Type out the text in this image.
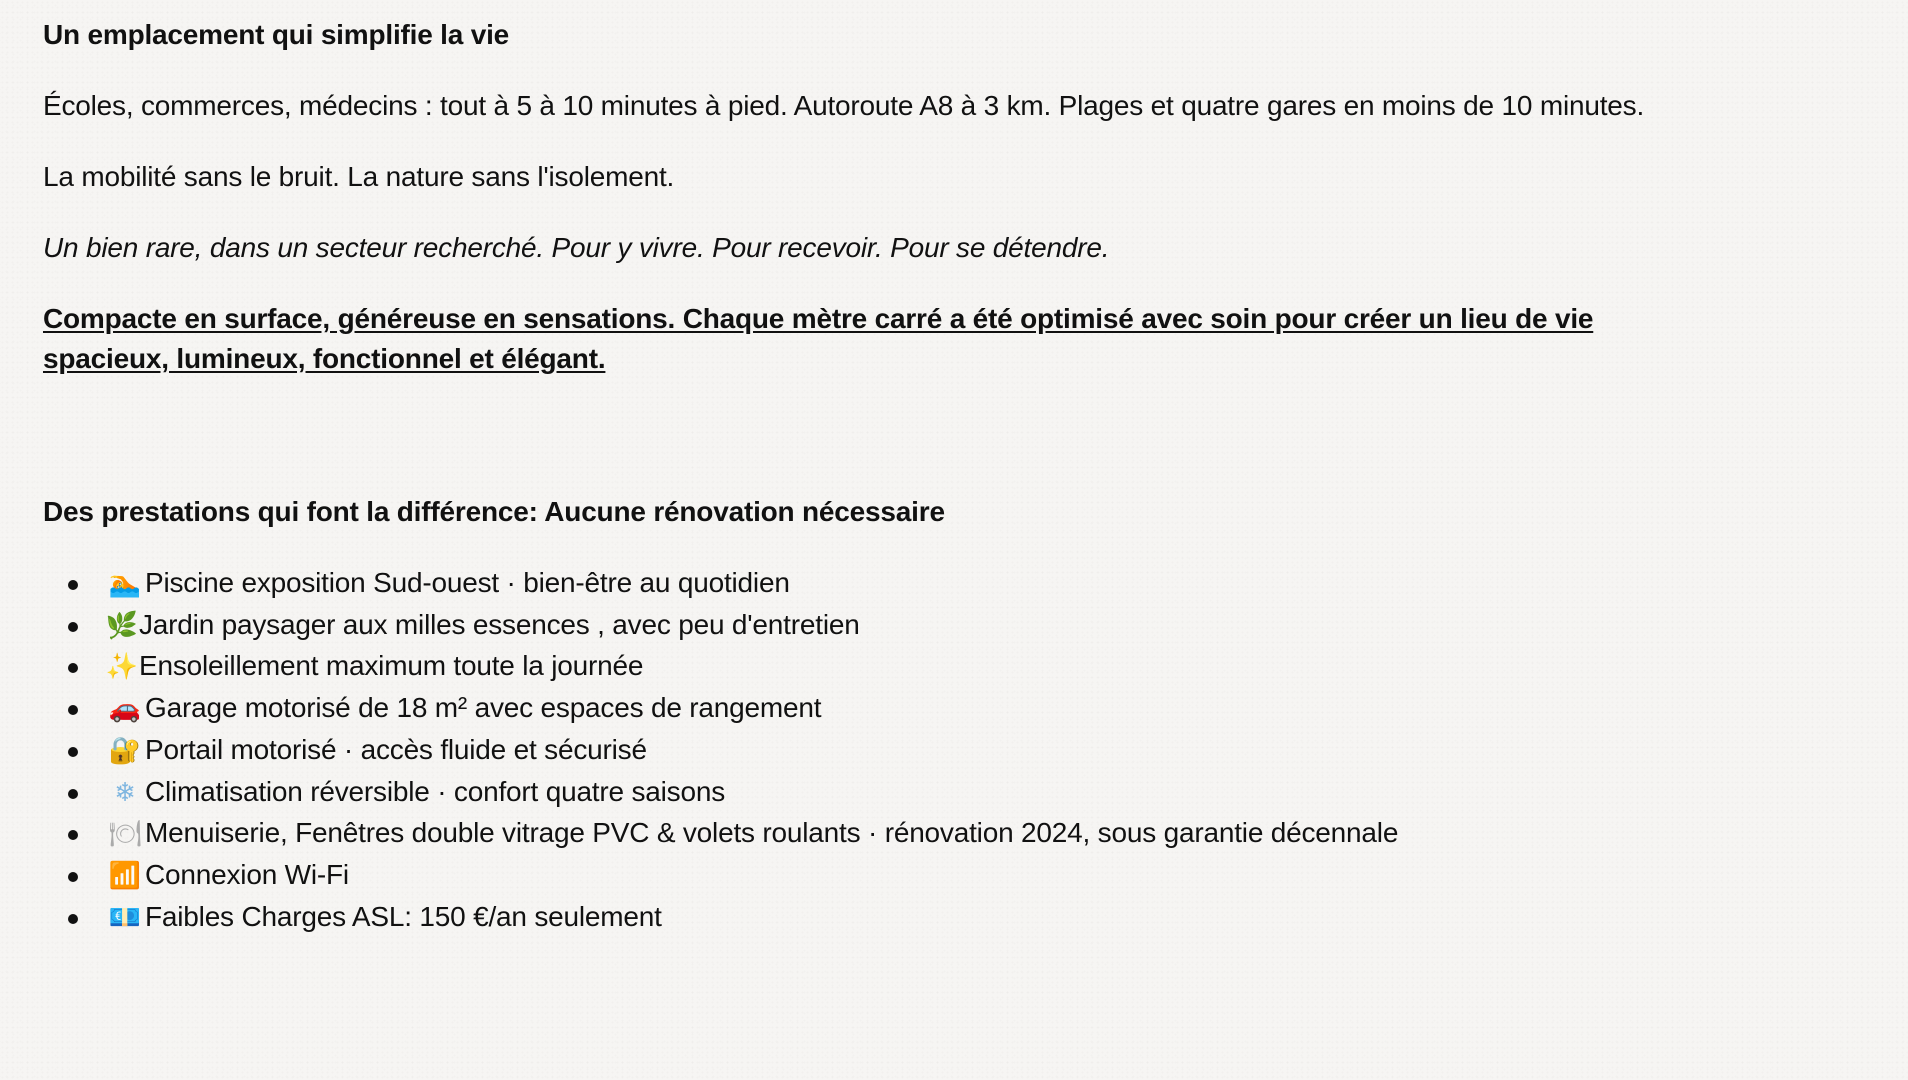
Un emplacement qui simplifie la vie
Écoles, commerces, médecins : tout à 5 à 10 minutes à pied. Autoroute A8 à 3 km. Plages et quatre gares en moins de 10 minutes.
La mobilité sans le bruit. La nature sans l'isolement.
Un bien rare, dans un secteur recherché. Pour y vivre. Pour recevoir. Pour se détendre.
Compacte en surface, généreuse en sensations. Chaque mètre carré a été optimisé avec soin pour créer un lieu de vie
spacieux, lumineux, fonctionnel et élégant.
Des prestations qui font la différence: Aucune rénovation nécessaire
🏊 Piscine exposition Sud-ouest · bien-être au quotidien
🌿Jardin paysager aux milles essences , avec peu d'entretien
✨Ensoleillement maximum toute la journée
🚗 Garage motorisé de 18 m² avec espaces de rangement
🔐 Portail motorisé · accès fluide et sécurisé
❄ Climatisation réversible · confort quatre saisons
🍽 Menuiserie, Fenêtres double vitrage PVC & volets roulants · rénovation 2024, sous garantie décennale
📶 Connexion Wi-Fi
💶 Faibles Charges ASL: 150 €/an seulement
